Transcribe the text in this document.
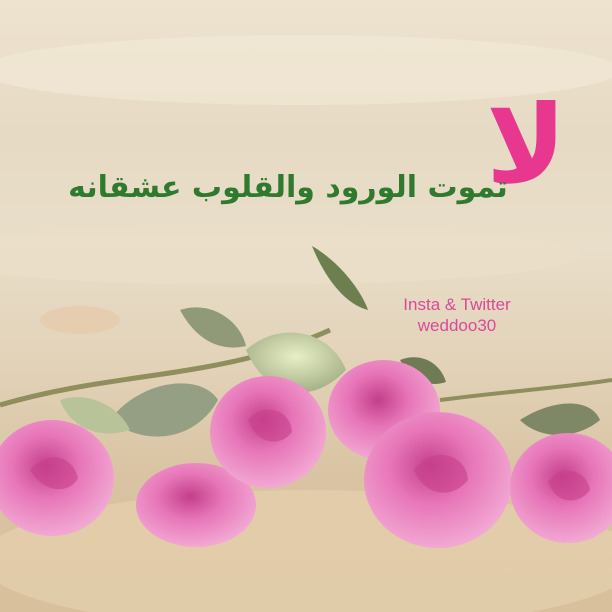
لا
تموت الورود والقلوب عشقانه
Insta & Twitter
weddoo30
